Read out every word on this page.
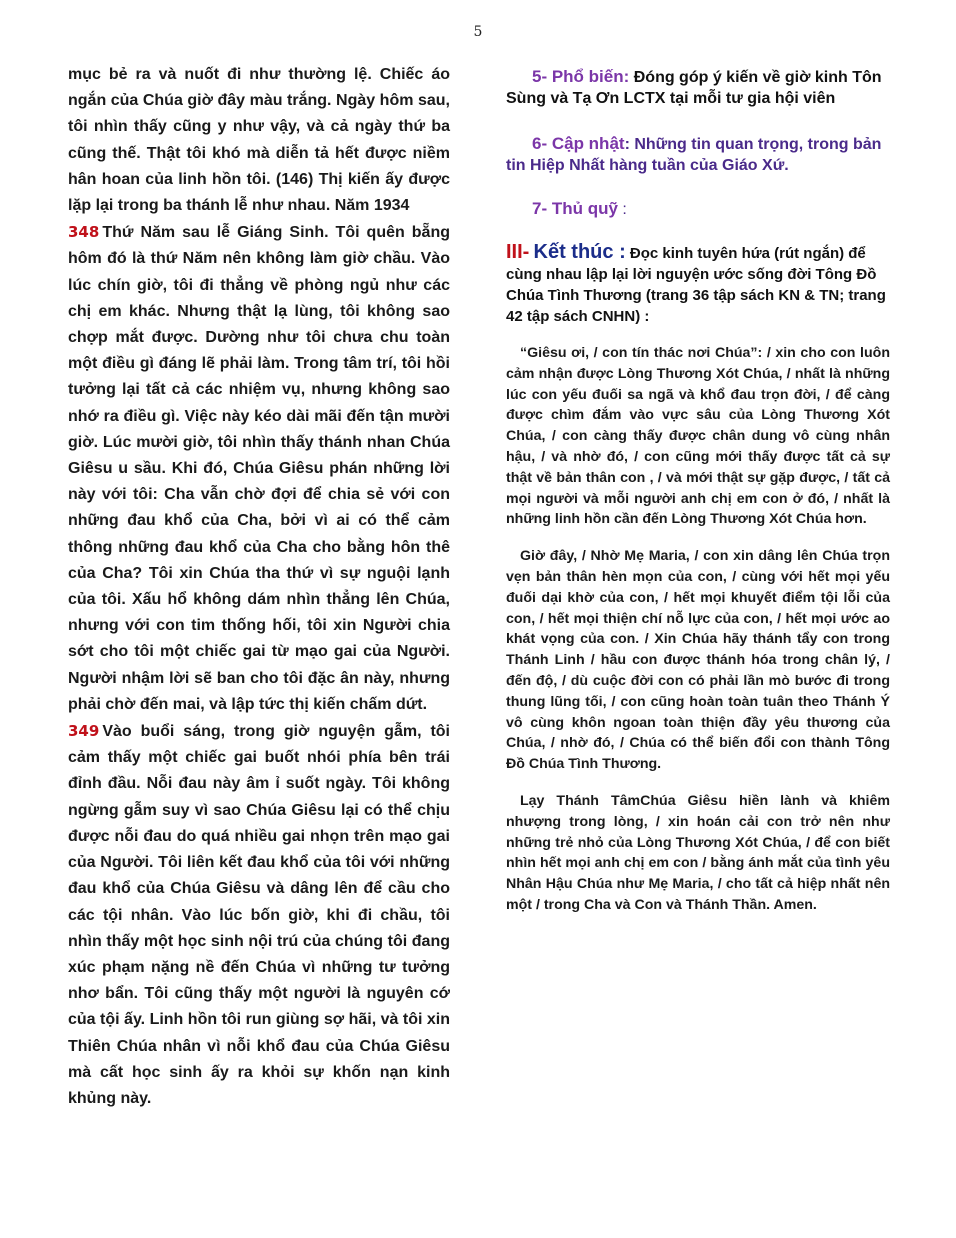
5

mục bẻ ra và nuốt đi như thường lệ. Chiếc áo ngắn của Chúa giờ đây màu trắng. Ngày hôm sau, tôi nhìn thấy cũng y như vậy, và cả ngày thứ ba cũng thế. Thật tôi khó mà diễn tả hết được niềm hân hoan của linh hồn tôi. (146) Thị kiến ấy được lặp lại trong ba thánh lễ như nhau. Năm 1934

348 Thứ Năm sau lễ Giáng Sinh. Tôi quên bẵng hôm đó là thứ Năm nên không làm giờ chầu. Vào lúc chín giờ, tôi đi thẳng về phòng ngủ như các chị em khác. Nhưng thật lạ lùng, tôi không sao chợp mắt được. Dường như tôi chưa chu toàn một điều gì đáng lẽ phải làm. Trong tâm trí, tôi hồi tưởng lại tất cả các nhiệm vụ, nhưng không sao nhớ ra điều gì. Việc này kéo dài mãi đến tận mười giờ. Lúc mười giờ, tôi nhìn thấy thánh nhan Chúa Giêsu u sầu. Khi đó, Chúa Giêsu phán những lời này với tôi: Cha vẫn chờ đợi để chia sẻ với con những đau khổ của Cha, bởi vì ai có thể cảm thông những đau khổ của Cha cho bằng hôn thê của Cha? Tôi xin Chúa tha thứ vì sự nguội lạnh của tôi. Xấu hổ không dám nhìn thẳng lên Chúa, nhưng với con tim thống hối, tôi xin Người chia sớt cho tôi một chiếc gai từ mạo gai của Người. Người nhậm lời sẽ ban cho tôi đặc ân này, nhưng phải chờ đến mai, và lập tức thị kiến chấm dứt.

349 Vào buổi sáng, trong giờ nguyện gẫm, tôi cảm thấy một chiếc gai buốt nhói phía bên trái đỉnh đầu. Nỗi đau này âm ỉ suốt ngày. Tôi không ngừng gẫm suy vì sao Chúa Giêsu lại có thể chịu được nỗi đau do quá nhiều gai nhọn trên mạo gai của Người. Tôi liên kết đau khổ của tôi với những đau khổ của Chúa Giêsu và dâng lên để cầu cho các tội nhân. Vào lúc bốn giờ, khi đi chầu, tôi nhìn thấy một học sinh nội trú của chúng tôi đang xúc phạm nặng nề đến Chúa vì những tư tưởng nhơ bẩn. Tôi cũng thấy một người là nguyên cớ của tội ấy. Linh hồn tôi run giùng sợ hãi, và tôi xin Thiên Chúa nhân vì nỗi khổ đau của Chúa Giêsu mà cất học sinh ấy ra khỏi sự khốn nạn kinh khủng này.

5- Phổ biến: Đóng góp ý kiến về giờ kinh Tôn Sùng và Tạ Ơn LCTX tại mỗi tư gia hội viên
6- Cập nhật: Những tin quan trọng, trong bản tin Hiệp Nhất hàng tuần của Giáo Xứ.
7- Thủ quỹ :
III- Kết thúc : Đọc kinh tuyên hứa (rút ngắn) để cùng nhau lập lại lời nguyện ước sống đời Tông Đồ Chúa Tình Thương (trang 36 tập sách KN & TN; trang 42 tập sách CNHN) :

“Giêsu ơi, / con tín thác nơi Chúa”: / xin cho con luôn cảm nhận được Lòng Thương Xót Chúa, / nhất là những lúc con yếu đuối sa ngã và khổ đau trọn đời, / để càng được chìm đắm vào vực sâu của Lòng Thương Xót Chúa, / con càng thấy được chân dung vô cùng nhân hậu, / và nhờ đó, / con cũng mới thấy được tất cả sự thật về bản thân con , / và mới thật sự gặp được, / tất cả mọi người và mỗi người anh chị em con ở đó, / nhất là những linh hồn cần đến Lòng Thương Xót Chúa hơn.

Giờ đây, / Nhờ Mẹ Maria, / con xin dâng lên Chúa trọn vẹn bản thân hèn mọn của con, / cùng với hết mọi yếu đuối dại khờ của con, / hết mọi khuyết điểm tội lỗi của con, / hết mọi thiện chí nỗ lực của con, / hết mọi ước ao khát vọng của con. / Xin Chúa hãy thánh tẩy con trong Thánh Linh / hầu con được thánh hóa trong chân lý, / đến độ, / dù cuộc đời con có phải lần mò bước đi trong thung lũng tối, / con cũng hoàn toàn tuân theo Thánh Ý vô cùng khôn ngoan toàn thiện đầy yêu thương của Chúa, / nhờ đó, / Chúa có thể biến đổi con thành Tông Đồ Chúa Tình Thương.

Lạy Thánh TâmChúa Giêsu hiền lành và khiêm nhượng trong lòng, / xin hoán cải con trở nên như những trẻ nhỏ của Lòng Thương Xót Chúa, / để con biết nhìn hết mọi anh chị em con / bằng ánh mắt của tình yêu Nhân Hậu Chúa như Mẹ Maria, / cho tất cả hiệp nhất nên một / trong Cha và Con và Thánh Thần. Amen.
